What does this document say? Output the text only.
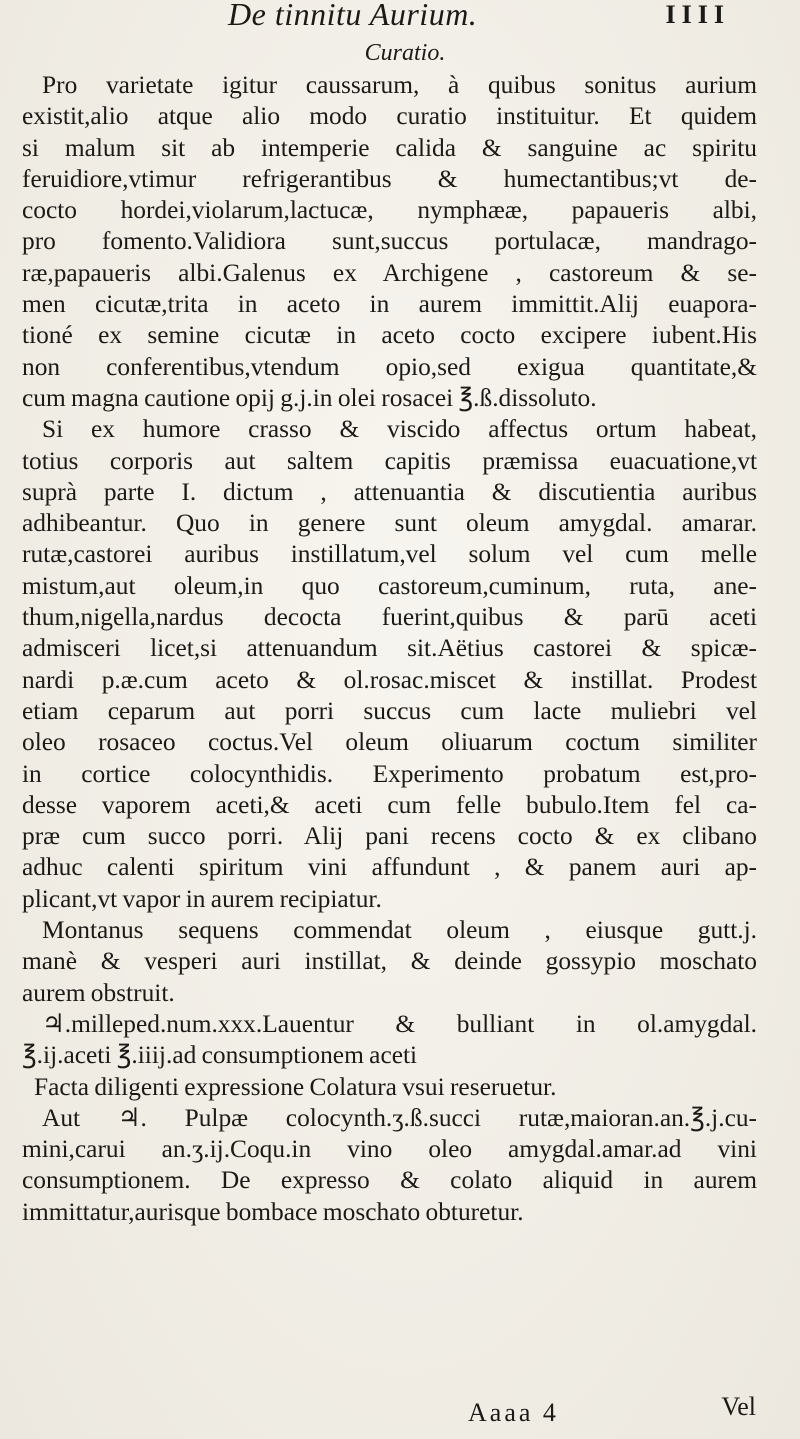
De tinnitu Aurium.	IIII
Curatio.
Pro varietate igitur caussarum, à quibus sonitus aurium
existit,alio atque alio modo curatio instituitur. Et quidem
si malum sit ab intemperie calida & sanguine ac spiritu
feruidiore,vtimur refrigerantibus & humectantibus;vt de-
cocto hordei,violarum,lactucæ, nymphææ, papaueris albi,
pro fomento.Validiora sunt,succus portulacæ, mandrago-
ræ,papaueris albi.Galenus ex Archigene , castoreum & se-
men cicutæ,trita in aceto in aurem immittit.Alij euapora-
tioné ex semine cicutæ in aceto cocto excipere iubent.His
non conferentibus,vtendum opio,sed exigua quantitate,&
cum magna cautione opij g.j.in olei rosacei ℥.ß.dissoluto.
Si ex humore crasso & viscido affectus ortum habeat,
totius corporis aut saltem capitis præmissa euacuatione,vt
suprà parte I. dictum , attenuantia & discutientia auribus
adhibeantur. Quo in genere sunt oleum amygdal. amarar.
rutæ,castorei auribus instillatum,vel solum vel cum melle
mistum,aut oleum,in quo castoreum,cuminum, ruta, ane-
thum,nigella,nardus decocta fuerint,quibus & parū aceti
admisceri licet,si attenuandum sit.Aëtius castorei & spicæ-
nardi p.æ.cum aceto & ol.rosac.miscet & instillat. Prodest
etiam ceparum aut porri succus cum lacte muliebri vel
oleo rosaceo coctus.Vel oleum oliuarum coctum similiter
in cortice colocynthidis. Experimento probatum est,pro-
desse vaporem aceti,& aceti cum felle bubulo.Item fel ca-
præ cum succo porri. Alij pani recens cocto & ex clibano
adhuc calenti spiritum vini affundunt , & panem auri ap-
plicant,vt vapor in aurem recipiatur.
Montanus sequens commendat oleum , eiusque gutt.j.
manè & vesperi auri instillat, & deinde gossypio moschato
aurem obstruit.
♃.milleped.num.xxx.Lauentur & bulliant in ol.amygdal.
℥.ij.aceti ℥.iiij.ad consumptionem aceti
Facta diligenti expressione Colatura vsui reseruetur.
Aut ♃. Pulpæ colocynth.ʒ.ß.succi rutæ,maioran.an.℥.j.cu-
mini,carui an.ʒ.ij.Coqu.in vino oleo amygdal.amar.ad vini
consumptionem. De expresso & colato aliquid in aurem
immittatur,aurisque bombace moschato obturetur.
Aaaa 4	Vel
